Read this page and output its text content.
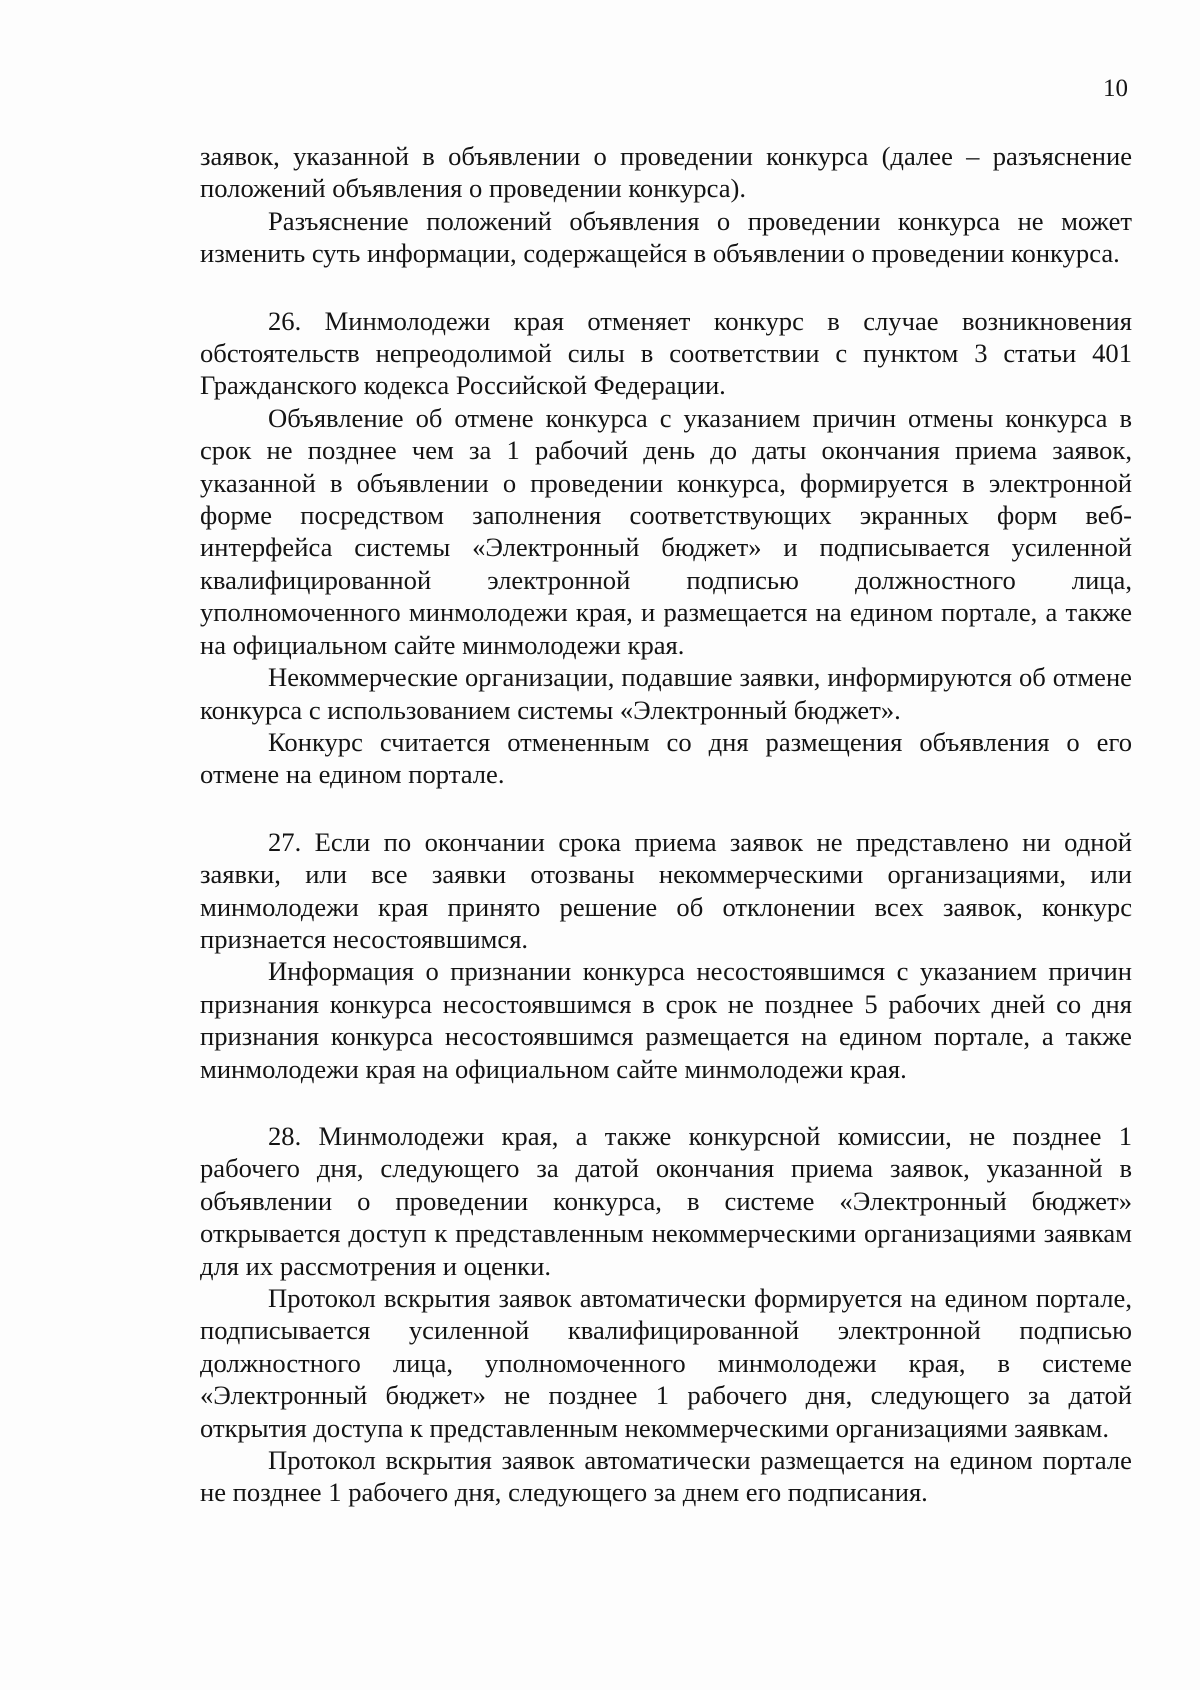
10

заявок, указанной в объявлении о проведении конкурса (далее – разъяснение положений объявления о проведении конкурса).

Разъяснение положений объявления о проведении конкурса не может изменить суть информации, содержащейся в объявлении о проведении конкурса.

26. Минмолодежи края отменяет конкурс в случае возникновения обстоятельств непреодолимой силы в соответствии с пунктом 3 статьи 401 Гражданского кодекса Российской Федерации.

Объявление об отмене конкурса с указанием причин отмены конкурса в срок не позднее чем за 1 рабочий день до даты окончания приема заявок, указанной в объявлении о проведении конкурса, формируется в электронной форме посредством заполнения соответствующих экранных форм веб-интерфейса системы «Электронный бюджет» и подписывается усиленной квалифицированной электронной подписью должностного лица, уполномоченного минмолодежи края, и размещается на едином портале, а также на официальном сайте минмолодежи края.

Некоммерческие организации, подавшие заявки, информируются об отмене конкурса с использованием системы «Электронный бюджет».

Конкурс считается отмененным со дня размещения объявления о его отмене на едином портале.

27. Если по окончании срока приема заявок не представлено ни одной заявки, или все заявки отозваны некоммерческими организациями, или минмолодежи края принято решение об отклонении всех заявок, конкурс признается несостоявшимся.

Информация о признании конкурса несостоявшимся с указанием причин признания конкурса несостоявшимся в срок не позднее 5 рабочих дней со дня признания конкурса несостоявшимся размещается на едином портале, а также минмолодежи края на официальном сайте минмолодежи края.

28. Минмолодежи края, а также конкурсной комиссии, не позднее 1 рабочего дня, следующего за датой окончания приема заявок, указанной в объявлении о проведении конкурса, в системе «Электронный бюджет» открывается доступ к представленным некоммерческими организациями заявкам для их рассмотрения и оценки.

Протокол вскрытия заявок автоматически формируется на едином портале, подписывается усиленной квалифицированной электронной подписью должностного лица, уполномоченного минмолодежи края, в системе «Электронный бюджет» не позднее 1 рабочего дня, следующего за датой открытия доступа к представленным некоммерческими организациями заявкам.

Протокол вскрытия заявок автоматически размещается на едином портале не позднее 1 рабочего дня, следующего за днем его подписания.
